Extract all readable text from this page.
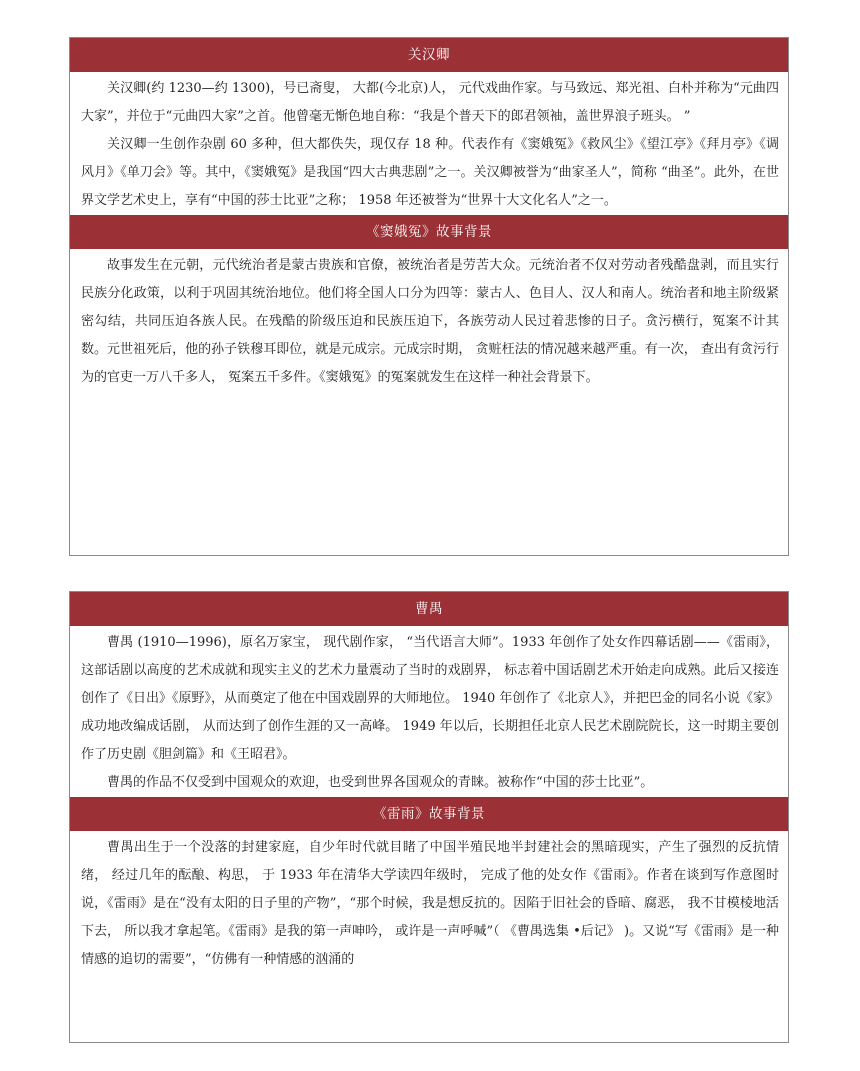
关汉卿

关汉卿(约 1230—约 1300)，号已斋叟， 大都(今北京)人， 元代戏曲作家。与马致远、郑光祖、白朴并称为“元曲四大家”，并位于“元曲四大家”之首。他曾毫无惭色地自称：“我是个普天下的郎君领袖，盖世界浪子班头。 ”

关汉卿一生创作杂剧 60 多种，但大都佚失，现仅存 18 种。代表作有《窦娥冤》《救风尘》《望江亭》《拜月亭》《调风月》《单刀会》等。其中，《窦娥冤》是我国“四大古典悲剧”之一。关汉卿被誉为“曲家圣人”，简称 “曲圣”。此外，在世界文学艺术史上，享有“中国的莎士比亚”之称； 1958 年还被誉为“世界十大文化名人”之一。

《窦娥冤》故事背景

故事发生在元朝，元代统治者是蒙古贵族和官僚，被统治者是劳苦大众。元统治者不仅对劳动者残酷盘剥，而且实行民族分化政策，以利于巩固其统治地位。他们将全国人口分为四等：蒙古人、色目人、汉人和南人。统治者和地主阶级紧密勾结，共同压迫各族人民。在残酷的阶级压迫和民族压迫下，各族劳动人民过着悲惨的日子。贪污横行，冤案不计其数。元世祖死后，他的孙子铁穆耳即位，就是元成宗。元成宗时期， 贪赃枉法的情况越来越严重。有一次， 查出有贪污行为的官吏一万八千多人， 冤案五千多件。《窦娥冤》的冤案就发生在这样一种社会背景下。

曹禺

曹禺 (1910—1996)，原名万家宝， 现代剧作家， “当代语言大师”。1933 年创作了处女作四幕话剧——《雷雨》，这部话剧以高度的艺术成就和现实主义的艺术力量震动了当时的戏剧界， 标志着中国话剧艺术开始走向成熟。此后又接连创作了《日出》《原野》，从而奠定了他在中国戏剧界的大师地位。 1940 年创作了《北京人》，并把巴金的同名小说《家》成功地改编成话剧， 从而达到了创作生涯的又一高峰。 1949 年以后，长期担任北京人民艺术剧院院长，这一时期主要创作了历史剧《胆剑篇》和《王昭君》。

曹禺的作品不仅受到中国观众的欢迎，也受到世界各国观众的青睐。被称作“中国的莎士比亚”。

《雷雨》故事背景

曹禺出生于一个没落的封建家庭，自少年时代就目睹了中国半殖民地半封建社会的黑暗现实，产生了强烈的反抗情绪， 经过几年的酝酿、构思， 于 1933 年在清华大学读四年级时， 完成了他的处女作《雷雨》。作者在谈到写作意图时说，《雷雨》是在“没有太阳的日子里的产物”，“那个时候，我是想反抗的。因陷于旧社会的昏暗、腐恶， 我不甘模棱地活下去， 所以我才拿起笔。《雷雨》是我的第一声呻吟， 或许是一声呼喊”（ 《曹禺选集 •后记》 )。又说“写《雷雨》是一种情感的追切的需要”，“仿佛有一种情感的汹涌的
